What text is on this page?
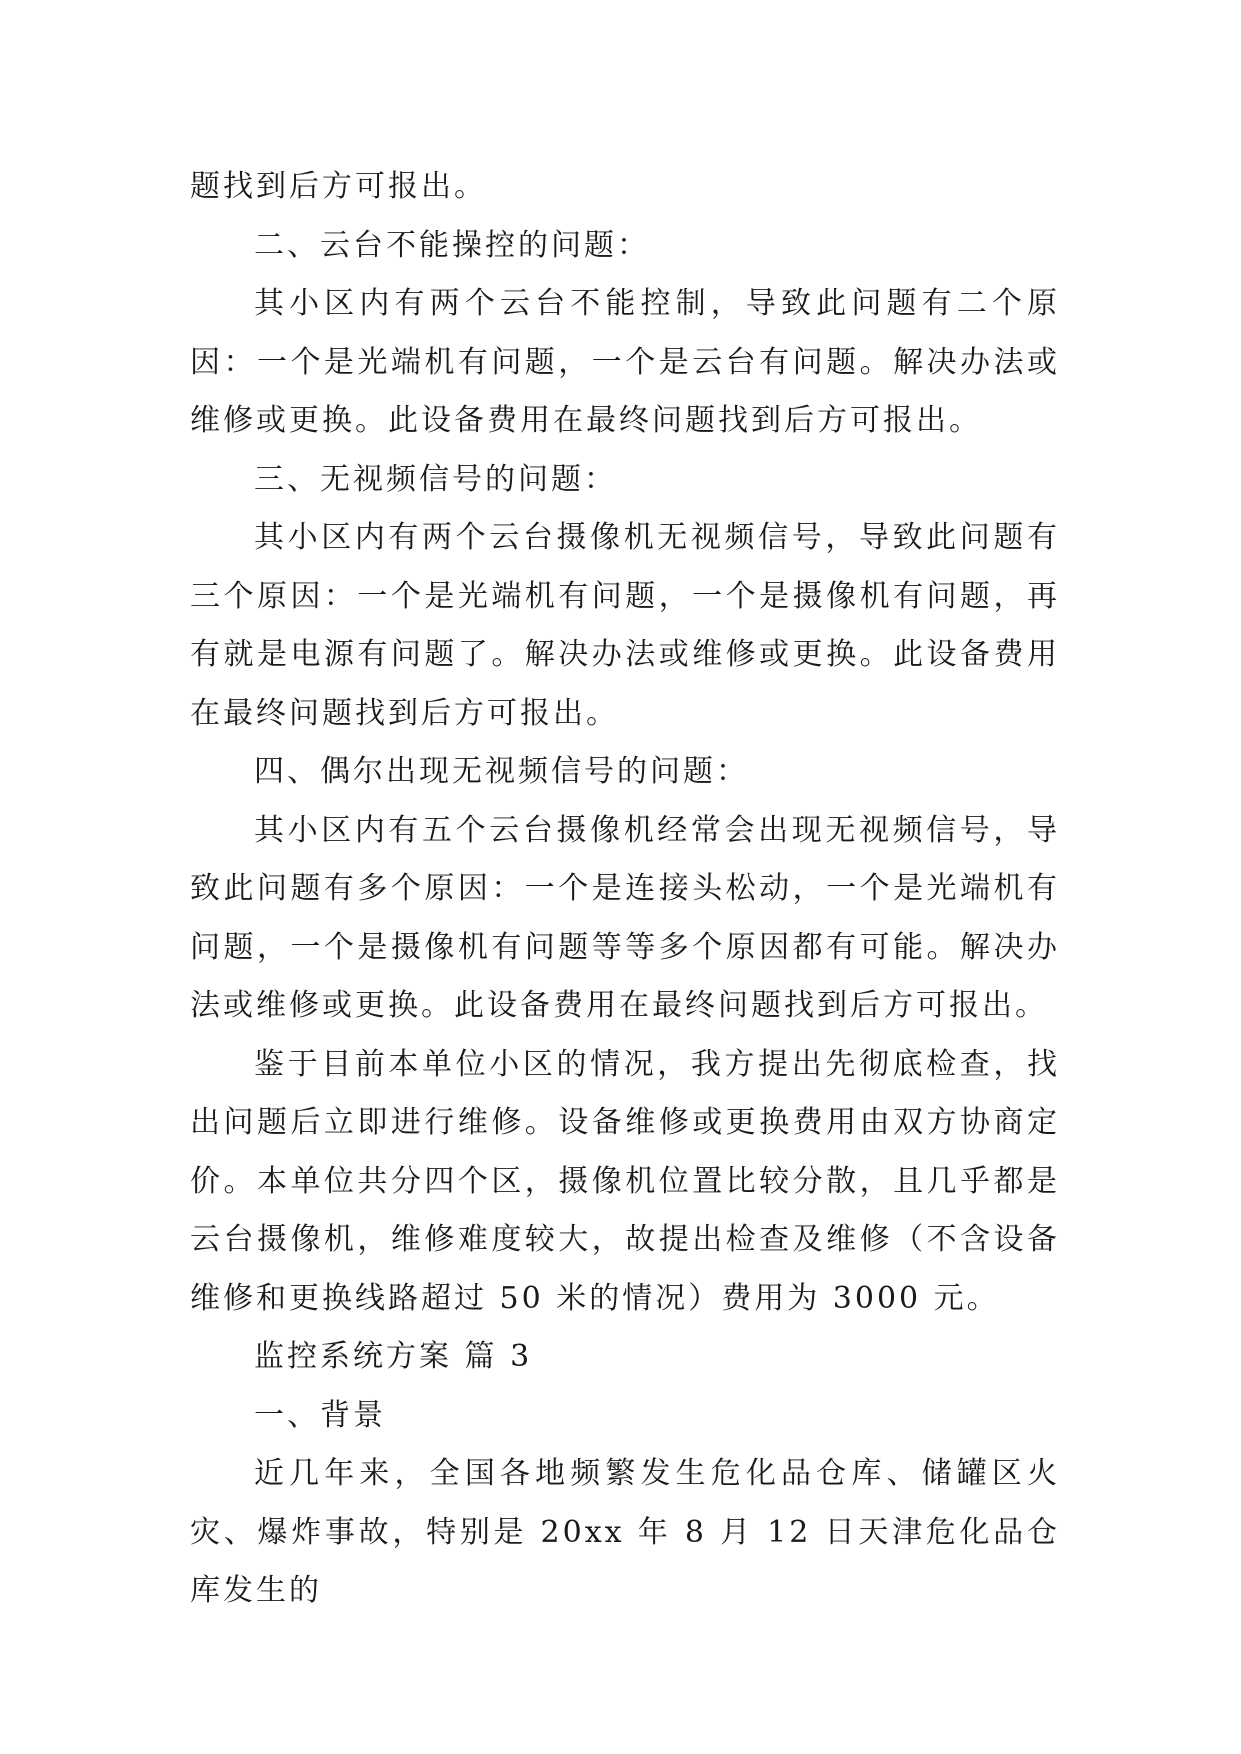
题找到后方可报出。

二、云台不能操控的问题：

其小区内有两个云台不能控制，导致此问题有二个原因：一个是光端机有问题，一个是云台有问题。解决办法或维修或更换。此设备费用在最终问题找到后方可报出。

三、无视频信号的问题：

其小区内有两个云台摄像机无视频信号，导致此问题有三个原因：一个是光端机有问题，一个是摄像机有问题，再有就是电源有问题了。解决办法或维修或更换。此设备费用在最终问题找到后方可报出。

四、偶尔出现无视频信号的问题：

其小区内有五个云台摄像机经常会出现无视频信号，导致此问题有多个原因：一个是连接头松动，一个是光端机有问题，一个是摄像机有问题等等多个原因都有可能。解决办法或维修或更换。此设备费用在最终问题找到后方可报出。

鉴于目前本单位小区的情况，我方提出先彻底检查，找出问题后立即进行维修。设备维修或更换费用由双方协商定价。本单位共分四个区，摄像机位置比较分散，且几乎都是云台摄像机，维修难度较大，故提出检查及维修（不含设备维修和更换线路超过 50 米的情况）费用为 3000 元。

监控系统方案 篇 3

一、背景

近几年来，全国各地频繁发生危化品仓库、储罐区火灾、爆炸事故，特别是 20xx 年 8 月 12 日天津危化品仓库发生的
